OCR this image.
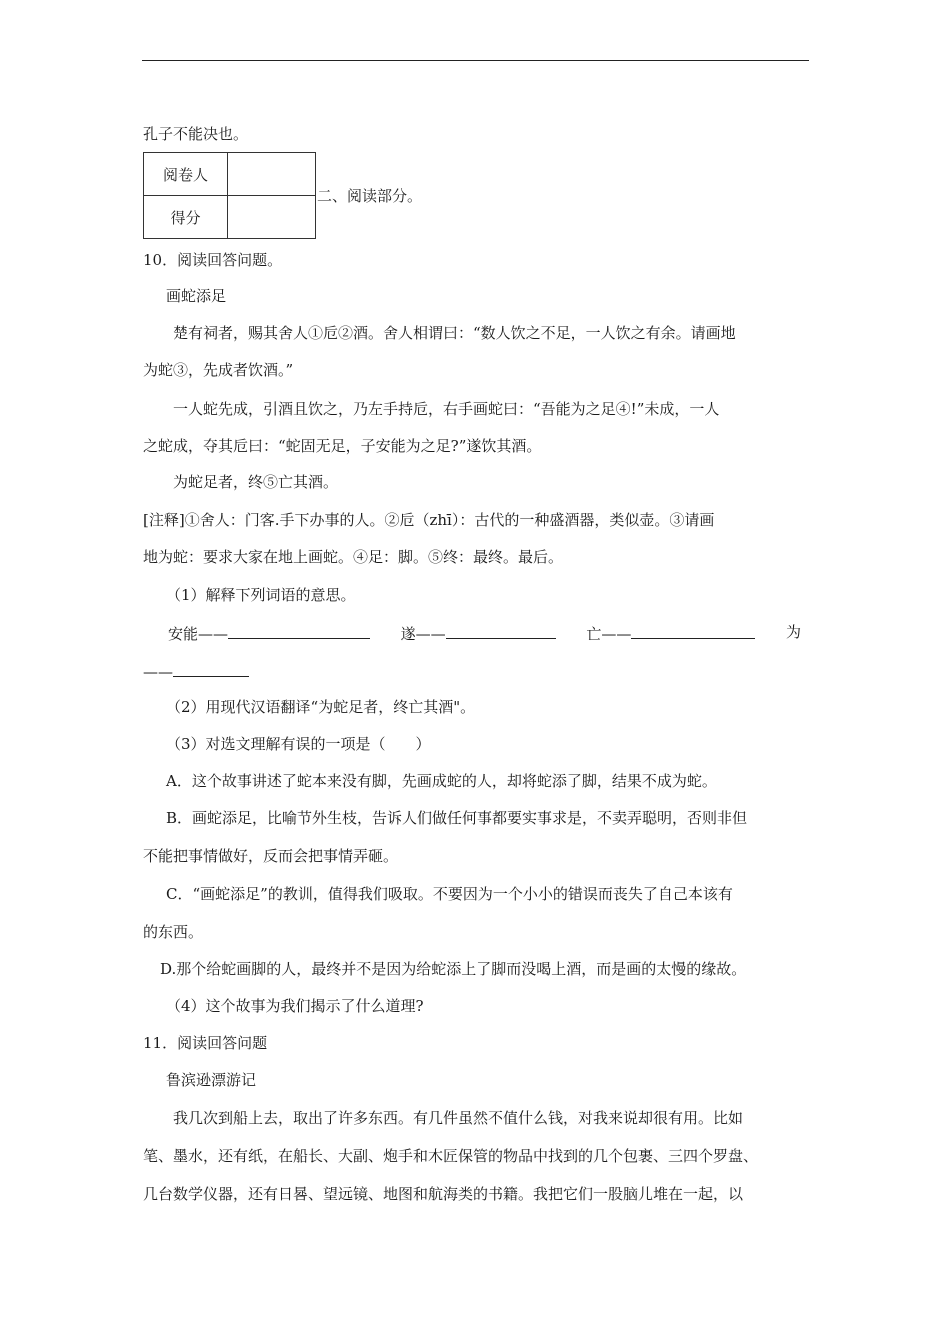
孔子不能决也。
阅卷人	
得分	
二、阅读部分。
10．阅读回答问题。
画蛇添足
楚有祠者，赐其舍人①卮②酒。舍人相谓曰：“数人饮之不足，一人饮之有余。请画地
为蛇③，先成者饮酒。”
一人蛇先成，引酒且饮之，乃左手持卮，右手画蛇曰：“吾能为之足④!”未成，一人
之蛇成，夺其卮曰：“蛇固无足，子安能为之足?”遂饮其酒。
为蛇足者，终⑤亡其酒。
[注释]①舍人：门客.手下办事的人。②卮（zhī）：古代的一种盛酒器，类似壶。③请画
地为蛇：要求大家在地上画蛇。④足：脚。⑤终：最终。最后。
（1）解释下列词语的意思。
安能——	遂——	亡——	为
——
（2）用现代汉语翻译“为蛇足者，终亡其酒"。
（3）对选文理解有误的一项是（　　）
A．这个故事讲述了蛇本来没有脚，先画成蛇的人，却将蛇添了脚，结果不成为蛇。
B．画蛇添足，比喻节外生枝，告诉人们做任何事都要实事求是，不卖弄聪明，否则非但
不能把事情做好，反而会把事情弄砸。
C．“画蛇添足”的教训，值得我们吸取。不要因为一个小小的错误而丧失了自己本该有
的东西。
D.那个给蛇画脚的人，最终并不是因为给蛇添上了脚而没喝上酒，而是画的太慢的缘故。
（4）这个故事为我们揭示了什么道理?
11．阅读回答问题
鲁滨逊漂游记
我几次到船上去，取出了许多东西。有几件虽然不值什么钱，对我来说却很有用。比如
笔、墨水，还有纸，在船长、大副、炮手和木匠保管的物品中找到的几个包裹、三四个罗盘、
几台数学仪器，还有日晷、望远镜、地图和航海类的书籍。我把它们一股脑儿堆在一起，以
